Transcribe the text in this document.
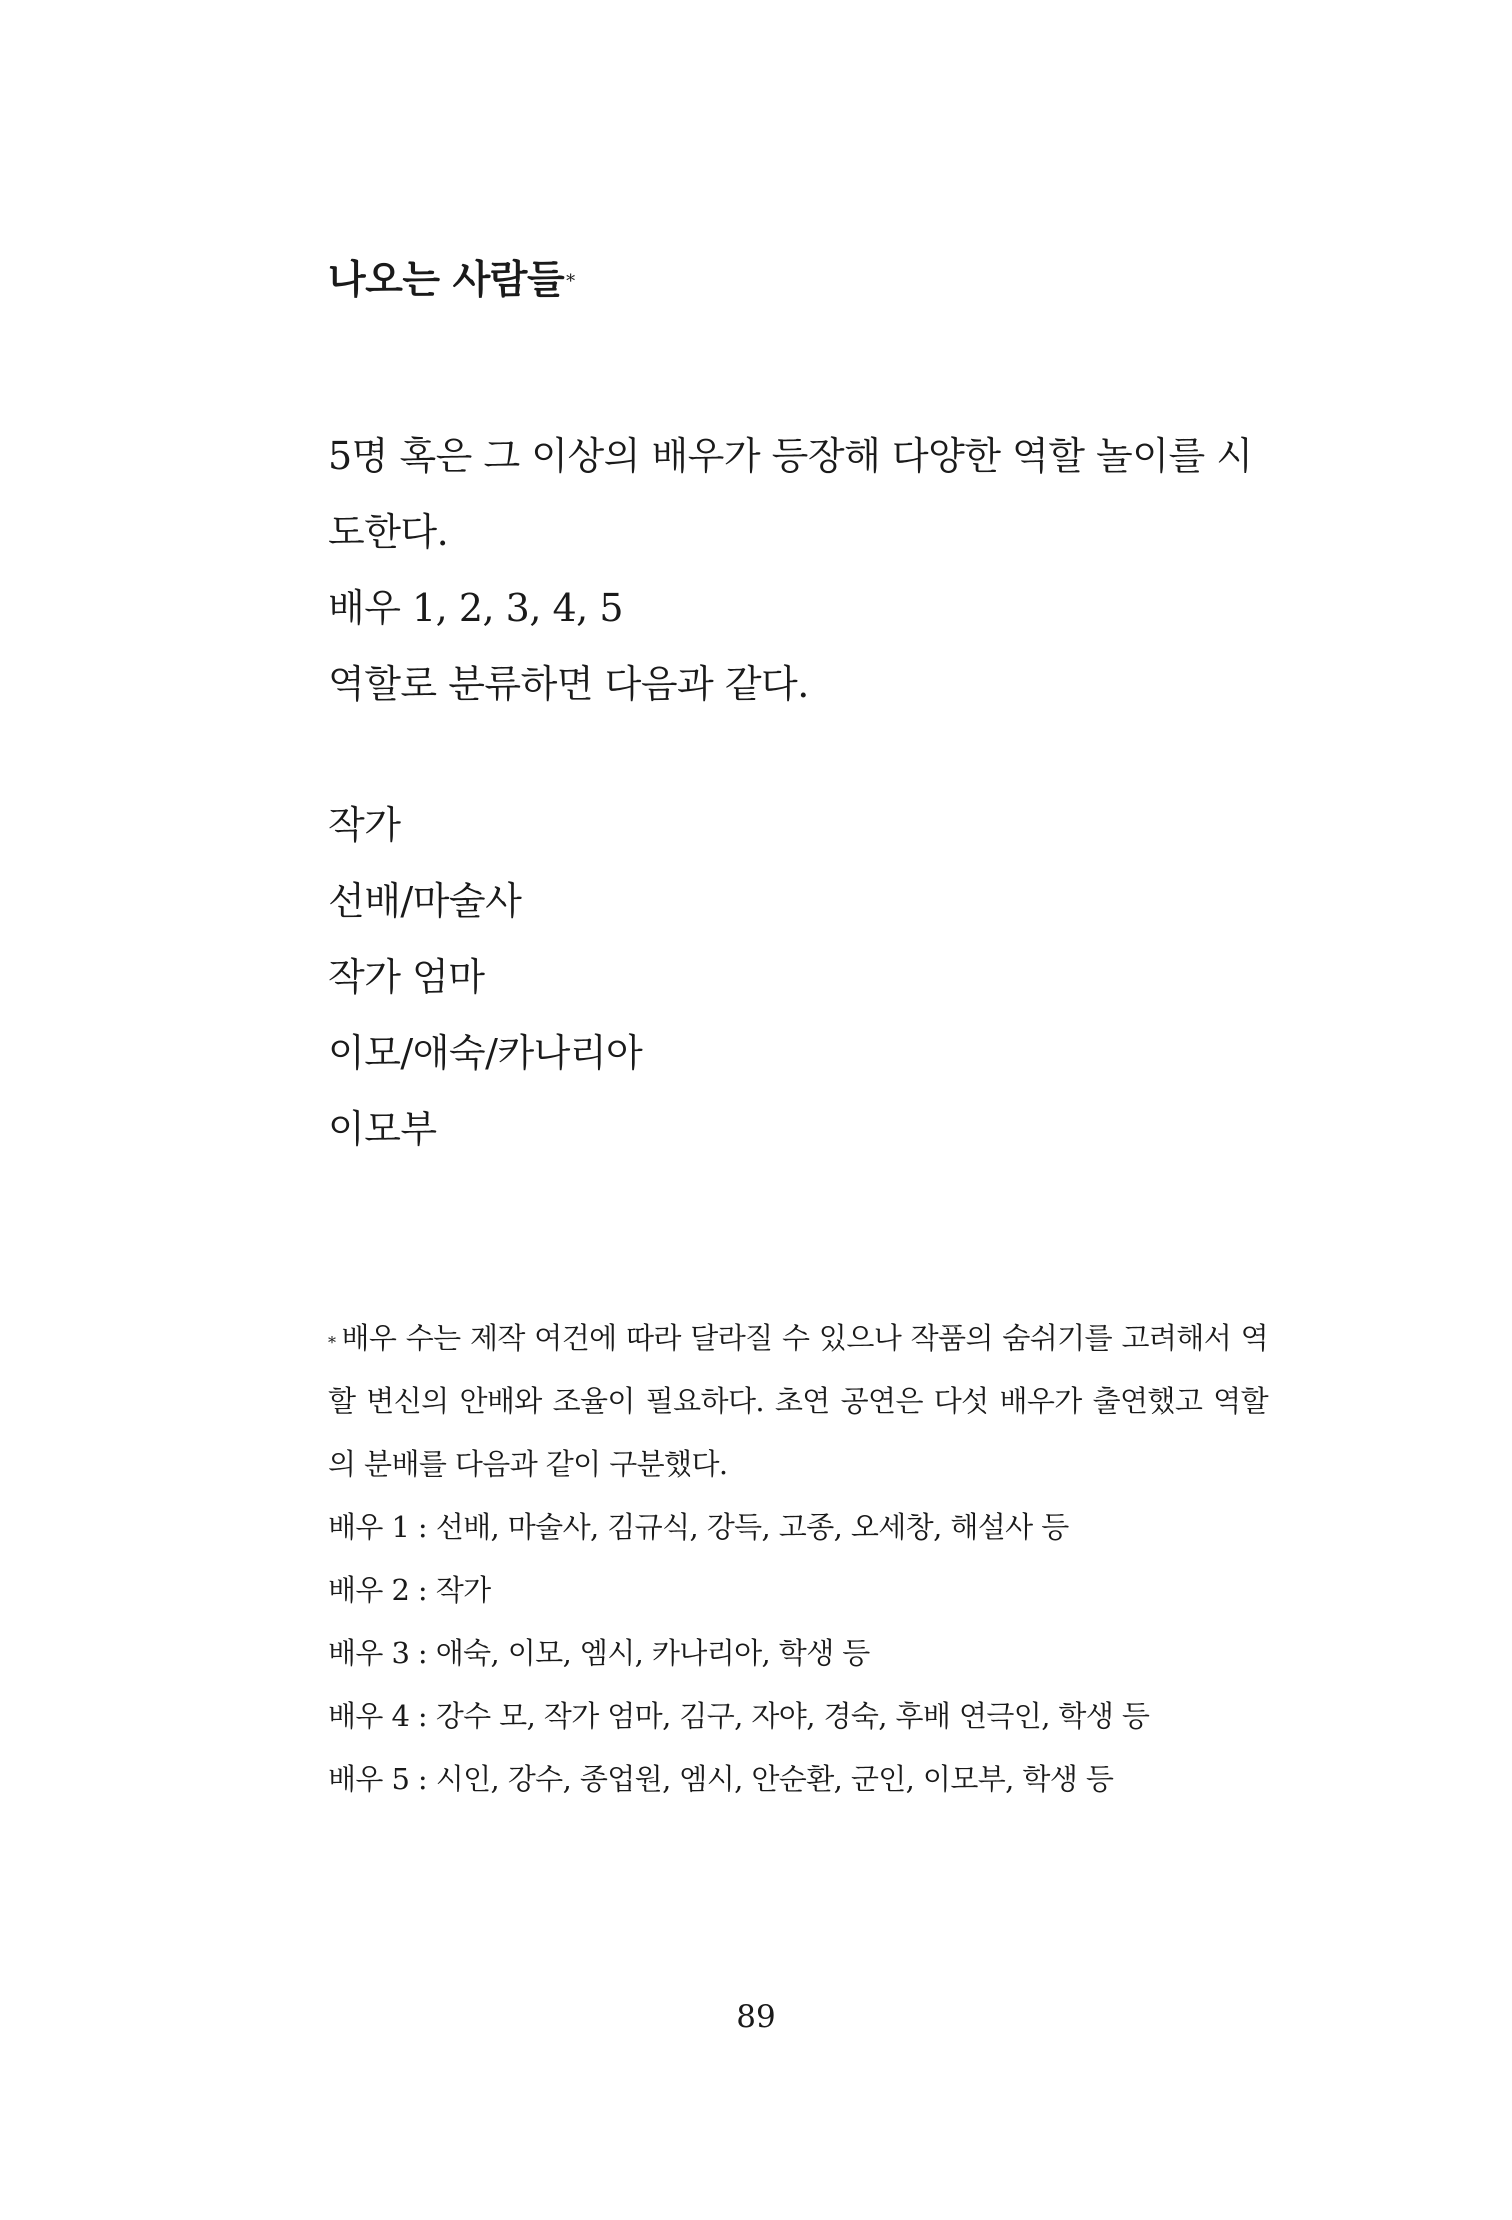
나오는 사람들 *

5명 혹은 그 이상의 배우가 등장해 다양한 역할 놀이를 시도한다.

배우 1, 2, 3, 4, 5

역할로 분류하면 다음과 같다.

작가

선배/마술사

작가 엄마

이모/애숙/카나리아

이모부

* 배우 수는 제작 여건에 따라 달라질 수 있으나 작품의 숨쉬기를 고려해서 역할 변신의 안배와 조율이 필요하다. 초연 공연은 다섯 배우가 출연했고 역할의 분배를 다음과 같이 구분했다.

배우 1 : 선배, 마술사, 김규식, 강득, 고종, 오세창, 해설사 등

배우 2 : 작가

배우 3 : 애숙, 이모, 엠시, 카나리아, 학생 등

배우 4 : 강수 모, 작가 엄마, 김구, 자야, 경숙, 후배 연극인, 학생 등

배우 5 : 시인, 강수, 종업원, 엠시, 안순환, 군인, 이모부, 학생 등

89
